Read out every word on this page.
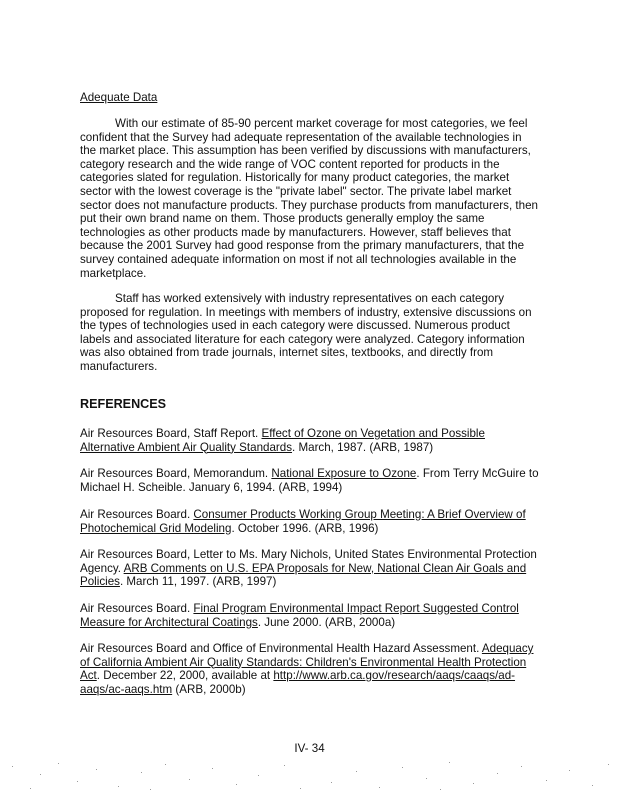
Adequate Data
With our estimate of 85-90 percent market coverage for most categories, we feel confident that the Survey had adequate representation of the available technologies in the market place. This assumption has been verified by discussions with manufacturers, category research and the wide range of VOC content reported for products in the categories slated for regulation. Historically for many product categories, the market sector with the lowest coverage is the "private label" sector. The private label market sector does not manufacture products. They purchase products from manufacturers, then put their own brand name on them. Those products generally employ the same technologies as other products made by manufacturers. However, staff believes that because the 2001 Survey had good response from the primary manufacturers, that the survey contained adequate information on most if not all technologies available in the marketplace.
Staff has worked extensively with industry representatives on each category proposed for regulation. In meetings with members of industry, extensive discussions on the types of technologies used in each category were discussed. Numerous product labels and associated literature for each category were analyzed. Category information was also obtained from trade journals, internet sites, textbooks, and directly from manufacturers.
REFERENCES
Air Resources Board, Staff Report. Effect of Ozone on Vegetation and Possible Alternative Ambient Air Quality Standards. March, 1987. (ARB, 1987)
Air Resources Board, Memorandum. National Exposure to Ozone. From Terry McGuire to Michael H. Scheible. January 6, 1994. (ARB, 1994)
Air Resources Board. Consumer Products Working Group Meeting: A Brief Overview of Photochemical Grid Modeling. October 1996. (ARB, 1996)
Air Resources Board, Letter to Ms. Mary Nichols, United States Environmental Protection Agency. ARB Comments on U.S. EPA Proposals for New, National Clean Air Goals and Policies. March 11, 1997. (ARB, 1997)
Air Resources Board. Final Program Environmental Impact Report Suggested Control Measure for Architectural Coatings. June 2000. (ARB, 2000a)
Air Resources Board and Office of Environmental Health Hazard Assessment. Adequacy of California Ambient Air Quality Standards: Children's Environmental Health Protection Act. December 22, 2000, available at http://www.arb.ca.gov/research/aaqs/caaqs/ad-aaqs/ac-aaqs.htm (ARB, 2000b)
IV- 34
